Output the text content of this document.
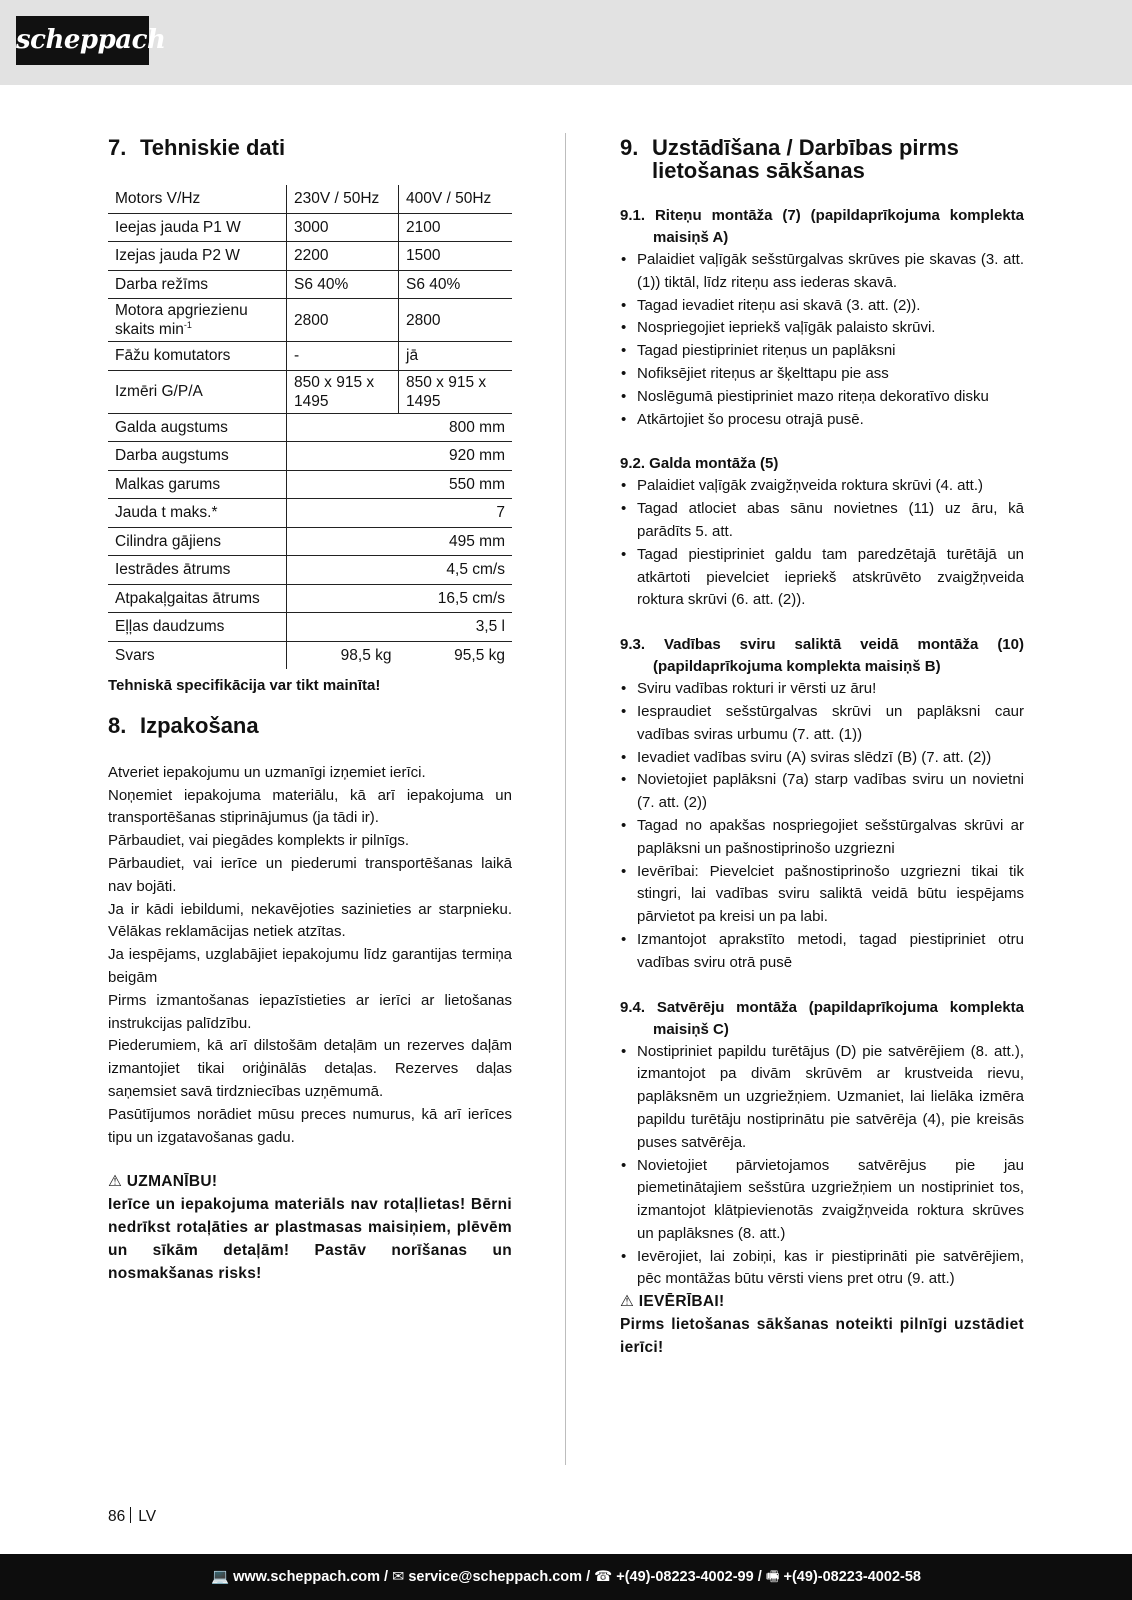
scheppach
7. Tehniskie dati
Motors V/Hz	230V / 50Hz	400V / 50Hz
Ieejas jauda P1 W	3000	2100
Izejas jauda P2 W	2200	1500
Darba režīms	S6 40%	S6 40%
Motora apgriezienu skaits $\min^{-1}$	2800	2800
Fāžu komutators	-	jā
Izmēri G/P/A	850 x 915 x 1495	850 x 915 x 1495
Galda augstums	800 mm	
Darba augstums	920 mm	
Malkas garums	550 mm	
Jauda t maks.*	7	
Cilindra gājiens	495 mm	
Iestrādes ātrums	4,5 cm/s	
Atpakaļgaitas ātrums	16,5 cm/s	
Eļļas daudzums	3,5 l	
Svars	98,5 kg	95,5 kg

Tehniskā specifikācija var tikt mainīta!

8. Izpakošana

Atveriet iepakojumu un uzmanīgi izņemiet ierīci.

Noņemiet iepakojuma materiālu, kā arī iepakojuma un transportēšanas stiprinājumus (ja tādi ir).

Pārbaudiet, vai piegādes komplekts ir pilnīgs.

Pārbaudiet, vai ierīce un piederumi transportēšanas laikā nav bojāti.

Ja ir kādi iebildumi, nekavējoties sazinieties ar starpnieku. Vēlākas reklamācijas netiek atzītas.

Ja iespējams, uzglabājiet iepakojumu līdz garantijas termiņa beigām

Pirms izmantošanas iepazīstieties ar ierīci ar lietošanas instrukcijas palīdzību.

Piederumiem, kā arī dilstošām detaļām un rezerves daļām izmantojiet tikai oriģinālās detaļas. Rezerves daļas saņemsiet savā tirdzniecības uzņēmumā.

Pasūtījumos norādiet mūsu preces numurus, kā arī ierīces tipu un izgatavošanas gadu.

⚠ UZMANĪBU!

Ierīce un iepakojuma materiāls nav rotaļlietas! Bērni nedrīkst rotaļāties ar plastmasas maisiņiem, plēvēm un sīkām detaļām! Pastāv norīšanas un nosmakšanas risks!

9. Uzstādīšana / Darbības pirms lietošanas sākšanas
9.1. Riteņu montāža (7) (papildaprīkojuma komplekta maisiņš A)
• Palaidiet vaļīgāk sešstūrgalvas skrūves pie skavas (3. att. (1)) tiktāl, līdz riteņu ass iederas skavā.
• Tagad ievadiet riteņu asi skavā (3. att. (2)).
• Nospriegojiet iepriekš vaļīgāk palaisto skrūvi.
• Tagad piestipriniet riteņus un paplāksni
• Nofiksējiet riteņus ar šķelttapu pie ass
• Noslēgumā piestipriniet mazo riteņa dekoratīvo disku
• Atkārtojiet šo procesu otrajā pusē.
9.2. Galda montāža (5)
• Palaidiet vaļīgāk zvaigžņveida roktura skrūvi (4. att.)
• Tagad atlociet abas sānu novietnes (11) uz āru, kā parādīts 5. att.
• Tagad piestipriniet galdu tam paredzētajā turētājā un atkārtoti pievelciet iepriekš atskrūvēto zvaigžņveida roktura skrūvi (6. att. (2)).
9.3. Vadības sviru saliktā veidā montāža (10) (papildaprīkojuma komplekta maisiņš B)
• Sviru vadības rokturi ir vērsti uz āru!
• Iespraudiet sešstūrgalvas skrūvi un paplāksni caur vadības sviras urbumu (7. att. (1))
• Ievadiet vadības sviru (A) sviras slēdzī (B) (7. att. (2))
• Novietojiet paplāksni (7a) starp vadības sviru un novietni (7. att. (2))
• Tagad no apakšas nospriegojiet sešstūrgalvas skrūvi ar paplāksni un pašnostiprinošo uzgriezni
• Ievērībai: Pievelciet pašnostiprinošo uzgriezni tikai tik stingri, lai vadības sviru saliktā veidā būtu iespējams pārvietot pa kreisi un pa labi.
• Izmantojot aprakstīto metodi, tagad piestipriniet otru vadības sviru otrā pusē
9.4. Satvērēju montāža (papildaprīkojuma komplekta maisiņš C)
• Nostipriniet papildu turētājus (D) pie satvērējiem (8. att.), izmantojot pa divām skrūvēm ar krustveida rievu, paplāksnēm un uzgriežņiem. Uzmaniet, lai lielāka izmēra papildu turētāju nostiprinātu pie satvērēja (4), pie kreisās puses satvērēja.
• Novietojiet pārvietojamos satvērējus pie jau piemetinātajiem sešstūra uzgriežņiem un nostipriniet tos, izmantojot klātpievienotās zvaigžņveida roktura skrūves un paplāksnes (8. att.)
• Ievērojiet, lai zobiņi, kas ir piestiprināti pie satvērējiem, pēc montāžas būtu vērsti viens pret otru (9. att.)

⚠ IEVĒRĪBAI!

Pirms lietošanas sākšanas noteikti pilnīgi uzstādiet ierīci!

86 LV
💻 www.scheppach.com / ✉ service@scheppach.com / ☎ +(49)-08223-4002-99 / 🖷 +(49)-08223-4002-58
